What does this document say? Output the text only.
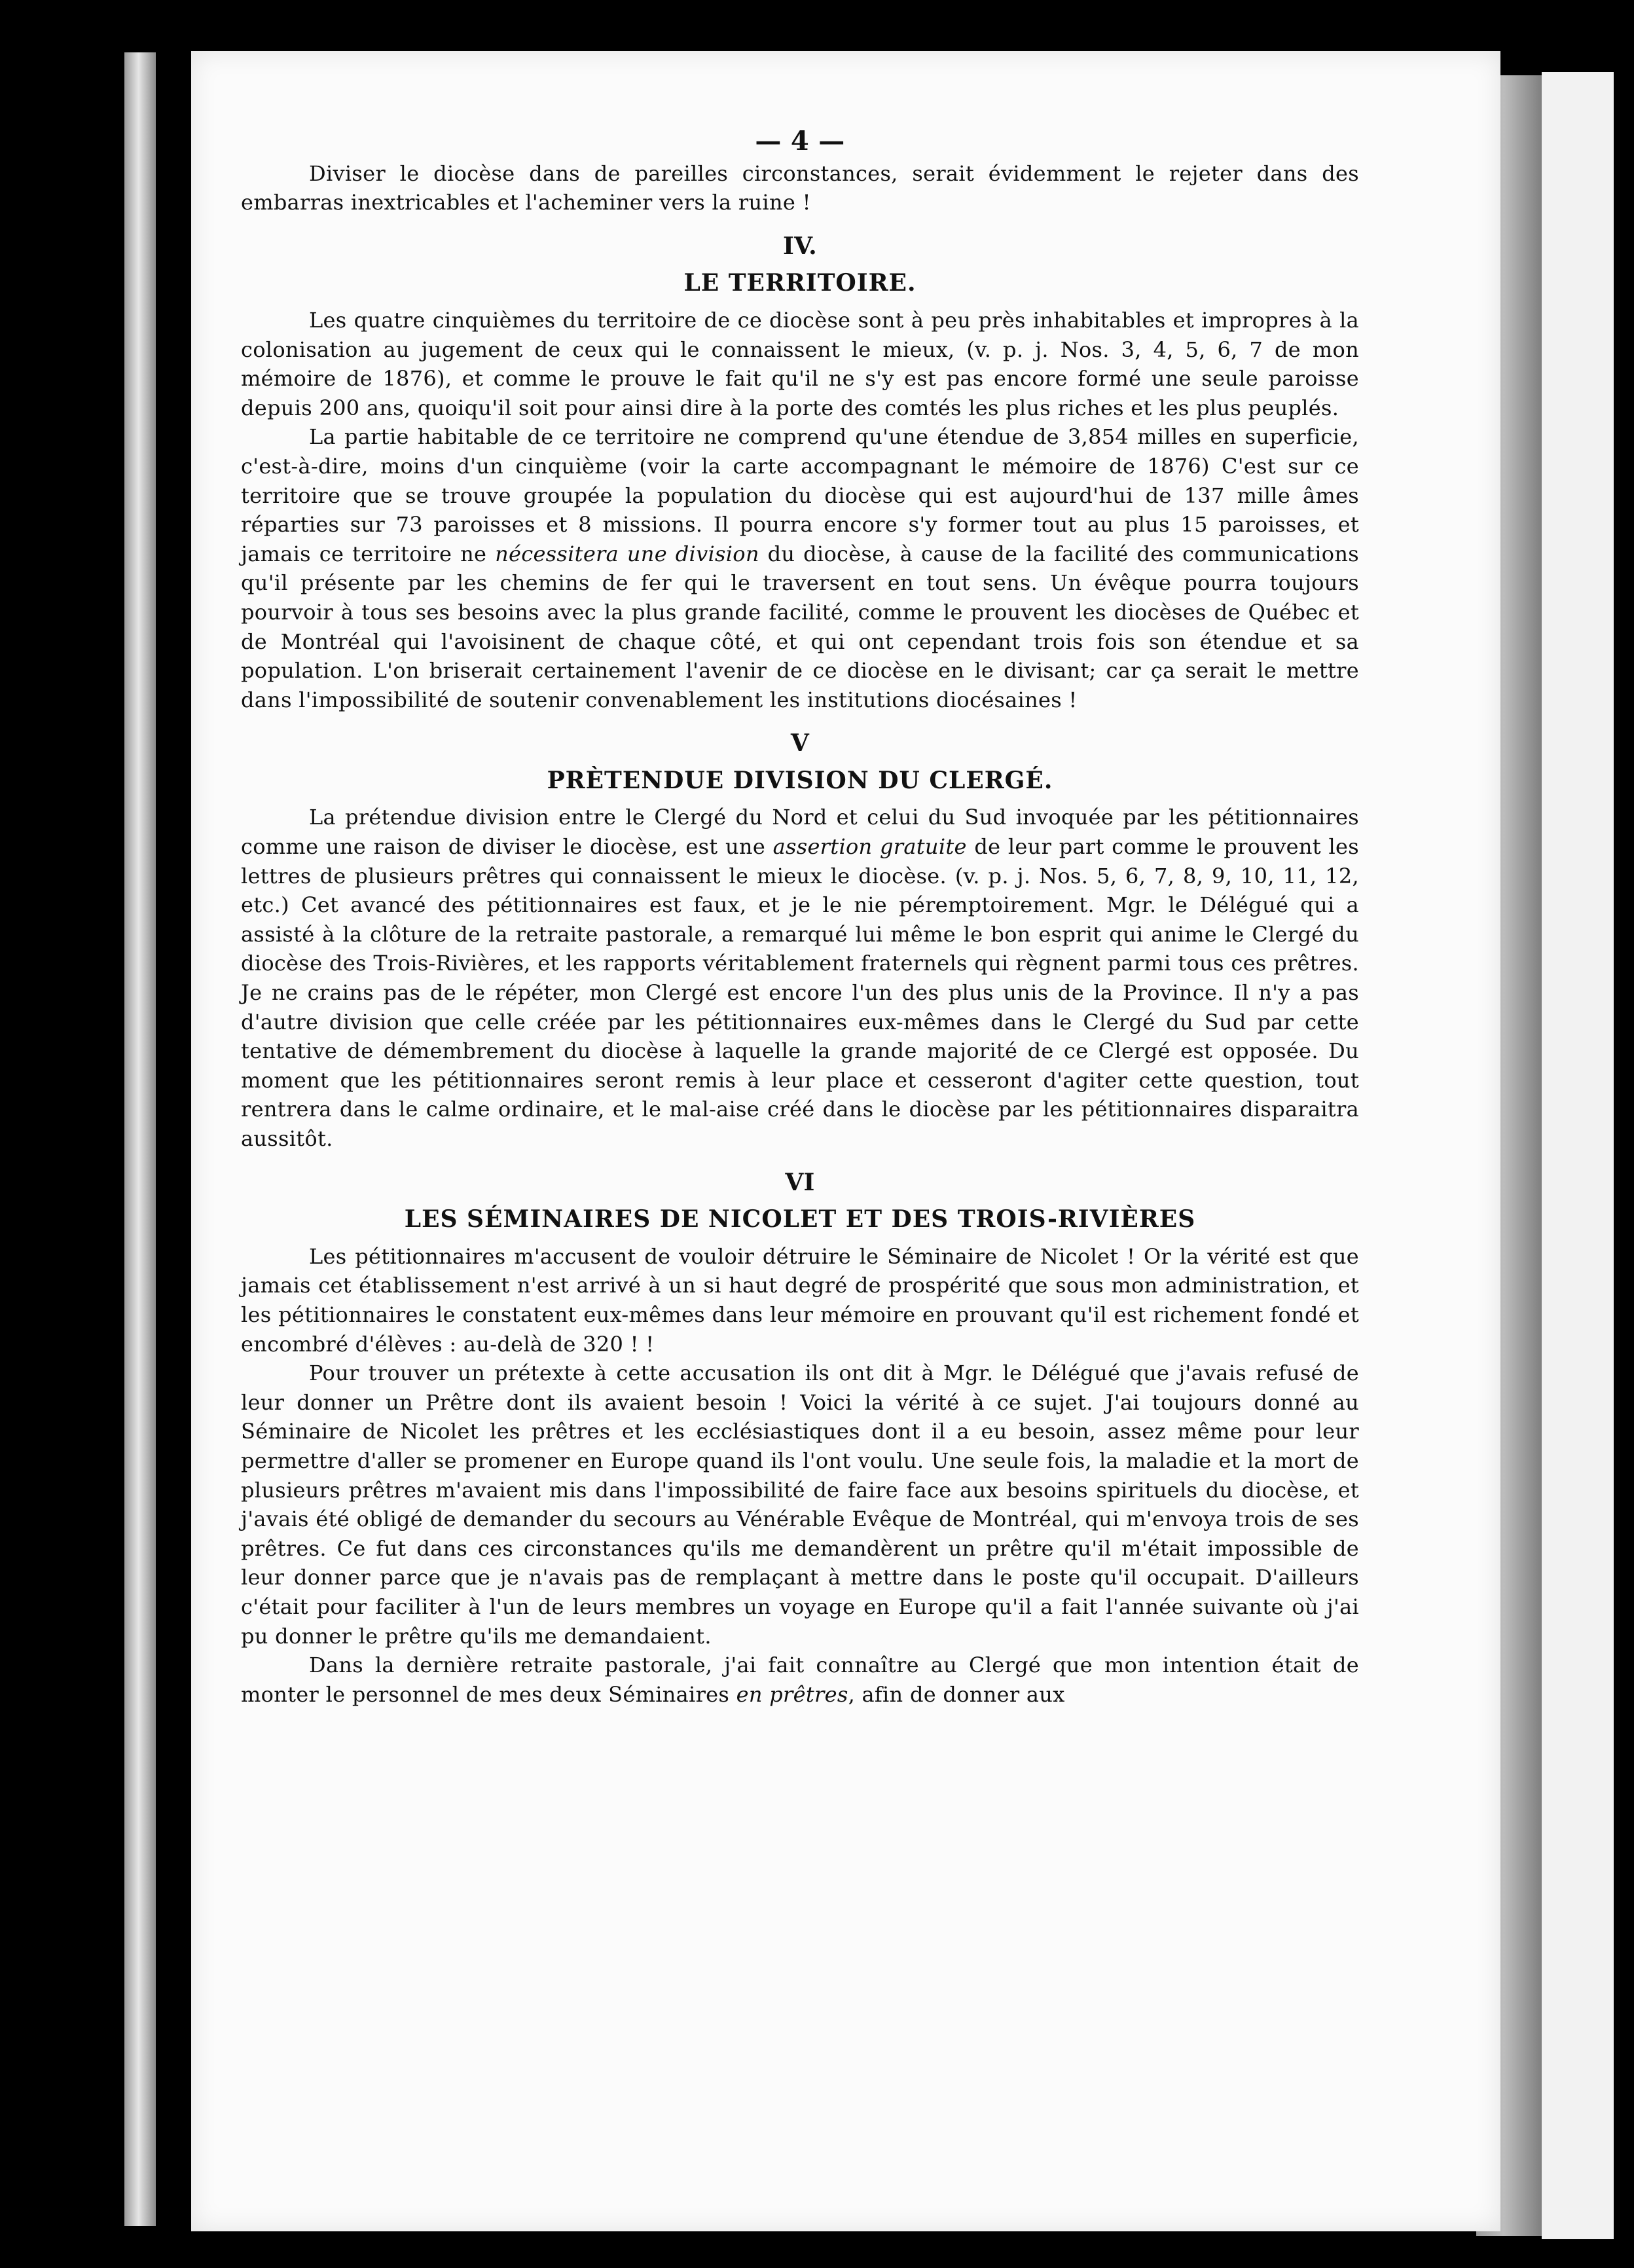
— 4 —

Diviser le diocèse dans de pareilles circonstances, serait évidemment le rejeter dans des embarras inextricables et l'acheminer vers la ruine !

IV.
LE TERRITOIRE.

Les quatre cinquièmes du territoire de ce diocèse sont à peu près inhabitables et impropres à la colonisation au jugement de ceux qui le connaissent le mieux, (v. p. j. Nos. 3, 4, 5, 6, 7 de mon mémoire de 1876), et comme le prouve le fait qu'il ne s'y est pas encore formé une seule paroisse depuis 200 ans, quoiqu'il soit pour ainsi dire à la porte des comtés les plus riches et les plus peuplés.

La partie habitable de ce territoire ne comprend qu'une étendue de 3,854 milles en superficie, c'est-à-dire, moins d'un cinquième (voir la carte accompagnant le mémoire de 1876) C'est sur ce territoire que se trouve groupée la population du diocèse qui est aujourd'hui de 137 mille âmes réparties sur 73 paroisses et 8 missions. Il pourra encore s'y former tout au plus 15 paroisses, et jamais ce territoire ne nécessitera une division du diocèse, à cause de la facilité des communications qu'il présente par les chemins de fer qui le traversent en tout sens. Un évêque pourra toujours pourvoir à tous ses besoins avec la plus grande facilité, comme le prouvent les diocèses de Québec et de Montréal qui l'avoisinent de chaque côté, et qui ont cependant trois fois son étendue et sa population. L'on briserait certainement l'avenir de ce diocèse en le divisant; car ça serait le mettre dans l'impossibilité de soutenir convenablement les institutions diocésaines !

V
PRÈTENDUE DIVISION DU CLERGÉ.

La prétendue division entre le Clergé du Nord et celui du Sud invoquée par les pétitionnaires comme une raison de diviser le diocèse, est une assertion gratuite de leur part comme le prouvent les lettres de plusieurs prêtres qui connaissent le mieux le diocèse. (v. p. j. Nos. 5, 6, 7, 8, 9, 10, 11, 12, etc.) Cet avancé des pétitionnaires est faux, et je le nie péremptoirement. Mgr. le Délégué qui a assisté à la clôture de la retraite pastorale, a remarqué lui même le bon esprit qui anime le Clergé du diocèse des Trois-Rivières, et les rapports véritablement fraternels qui règnent parmi tous ces prêtres. Je ne crains pas de le répéter, mon Clergé est encore l'un des plus unis de la Province. Il n'y a pas d'autre division que celle créée par les pétitionnaires eux-mêmes dans le Clergé du Sud par cette tentative de démembrement du diocèse à laquelle la grande majorité de ce Clergé est opposée. Du moment que les pétitionnaires seront remis à leur place et cesseront d'agiter cette question, tout rentrera dans le calme ordinaire, et le mal-aise créé dans le diocèse par les pétitionnaires disparaitra aussitôt.

VI
LES SÉMINAIRES DE NICOLET ET DES TROIS-RIVIÈRES

Les pétitionnaires m'accusent de vouloir détruire le Séminaire de Nicolet ! Or la vérité est que jamais cet établissement n'est arrivé à un si haut degré de prospérité que sous mon administration, et les pétitionnaires le constatent eux-mêmes dans leur mémoire en prouvant qu'il est richement fondé et encombré d'élèves : au-delà de 320 ! !

Pour trouver un prétexte à cette accusation ils ont dit à Mgr. le Délégué que j'avais refusé de leur donner un Prêtre dont ils avaient besoin ! Voici la vérité à ce sujet. J'ai toujours donné au Séminaire de Nicolet les prêtres et les ecclésiastiques dont il a eu besoin, assez même pour leur permettre d'aller se promener en Europe quand ils l'ont voulu. Une seule fois, la maladie et la mort de plusieurs prêtres m'avaient mis dans l'impossibilité de faire face aux besoins spirituels du diocèse, et j'avais été obligé de demander du secours au Vénérable Evêque de Montréal, qui m'envoya trois de ses prêtres. Ce fut dans ces circonstances qu'ils me demandèrent un prêtre qu'il m'était impossible de leur donner parce que je n'avais pas de remplaçant à mettre dans le poste qu'il occupait. D'ailleurs c'était pour faciliter à l'un de leurs membres un voyage en Europe qu'il a fait l'année suivante où j'ai pu donner le prêtre qu'ils me demandaient.

Dans la dernière retraite pastorale, j'ai fait connaître au Clergé que mon intention était de monter le personnel de mes deux Séminaires en prêtres, afin de donner aux
